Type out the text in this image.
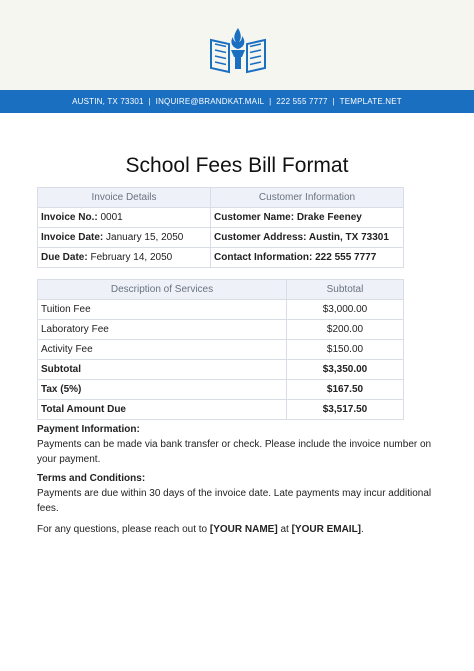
AUSTIN, TX 73301
|
INQUIRE@BRANDKAT.MAIL
|
222 555 7777
|
TEMPLATE.NET
School Fees Bill Format
Invoice Details	Customer Information
Invoice No.: 0001	Customer Name: Drake Feeney
Invoice Date: January 15, 2050	Customer Address: Austin, TX 73301
Due Date: February 14, 2050	Contact Information: 222 555 7777
Description of Services	Subtotal
Tuition Fee	$3,000.00
Laboratory Fee	$200.00
Activity Fee	$150.00
Subtotal	$3,350.00
Tax (5%)	$167.50
Total Amount Due	$3,517.50

Payment Information:

Payments can be made via bank transfer or check. Please include the invoice number on your payment.

Terms and Conditions:

Payments are due within 30 days of the invoice date. Late payments may incur additional fees.

For any questions, please reach out to [YOUR NAME] at [YOUR EMAIL].
